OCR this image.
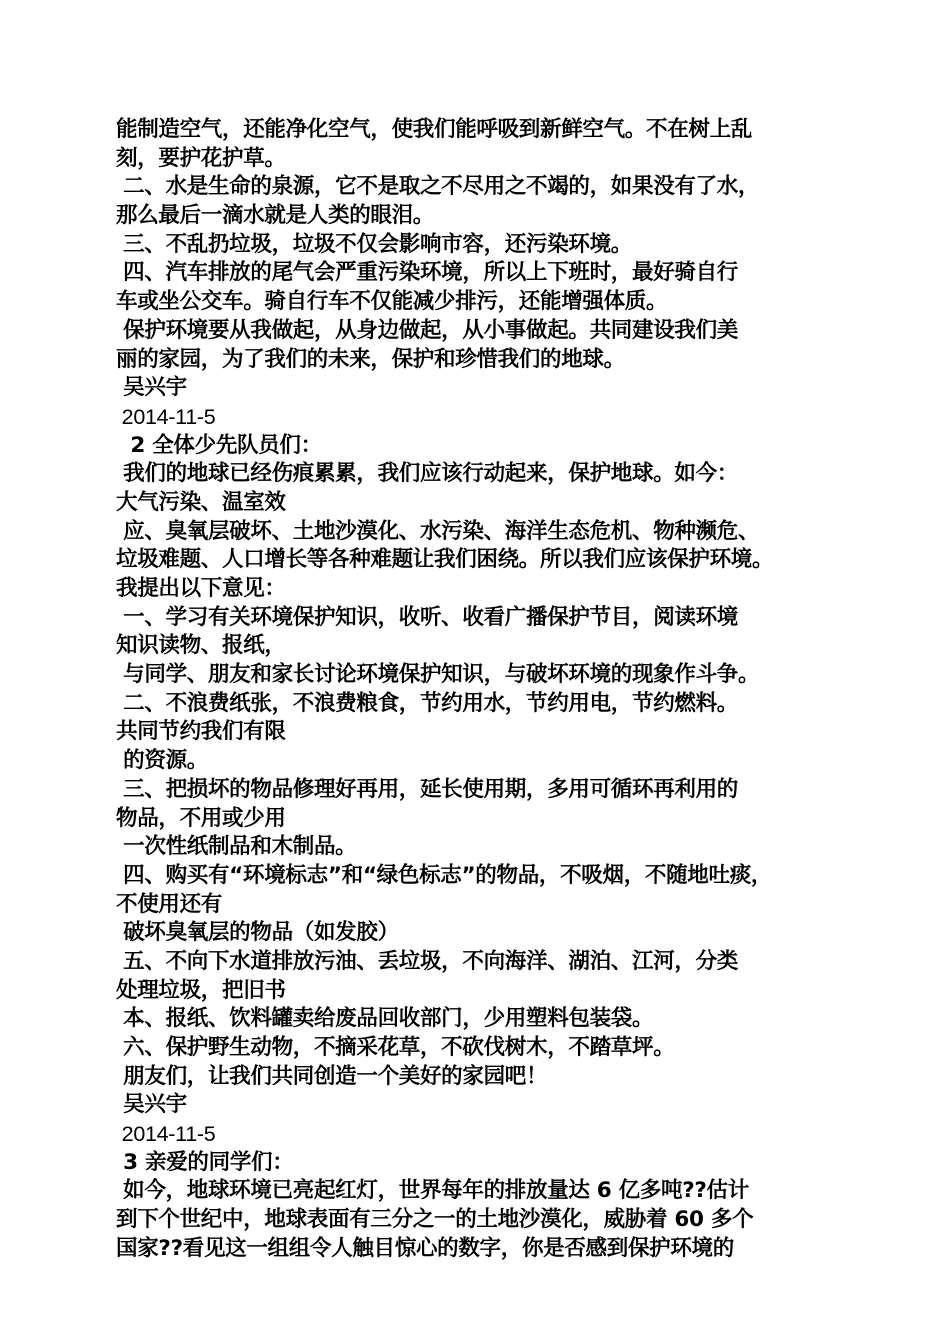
能制造空气，还能净化空气，使我们能呼吸到新鲜空气。不在树上乱
刻，要护花护草。
二、水是生命的泉源，它不是取之不尽用之不竭的，如果没有了水，
那么最后一滴水就是人类的眼泪。
三、不乱扔垃圾，垃圾不仅会影响市容，还污染环境。
四、汽车排放的尾气会严重污染环境，所以上下班时，最好骑自行
车或坐公交车。骑自行车不仅能减少排污，还能增强体质。
保护环境要从我做起，从身边做起，从小事做起。共同建设我们美
丽的家园，为了我们的未来，保护和珍惜我们的地球。
吴兴宇
2014-11-5
2 全体少先队员们：
我们的地球已经伤痕累累，我们应该行动起来，保护地球。如今：
大气污染、温室效
应、臭氧层破坏、土地沙漠化、水污染、海洋生态危机、物种濒危、
垃圾难题、人口增长等各种难题让我们困绕。所以我们应该保护环境。
我提出以下意见：
一、学习有关环境保护知识，收听、收看广播保护节目，阅读环境
知识读物、报纸，
与同学、朋友和家长讨论环境保护知识，与破坏环境的现象作斗争。
二、不浪费纸张，不浪费粮食，节约用水，节约用电，节约燃料。
共同节约我们有限
的资源。
三、把损坏的物品修理好再用，延长使用期，多用可循环再利用的
物品，不用或少用
一次性纸制品和木制品。
四、购买有“环境标志”和“绿色标志”的物品，不吸烟，不随地吐痰，
不使用还有
破坏臭氧层的物品（如发胶）
五、不向下水道排放污油、丢垃圾，不向海洋、湖泊、江河，分类
处理垃圾，把旧书
本、报纸、饮料罐卖给废品回收部门，少用塑料包装袋。
六、保护野生动物，不摘采花草，不砍伐树木，不踏草坪。
朋友们，让我们共同创造一个美好的家园吧！
吴兴宇
2014-11-5
3 亲爱的同学们：
如今，地球环境已亮起红灯，世界每年的排放量达 6 亿多吨??估计
到下个世纪中，地球表面有三分之一的土地沙漠化，威胁着 60 多个
国家??看见这一组组令人触目惊心的数字，你是否感到保护环境的
